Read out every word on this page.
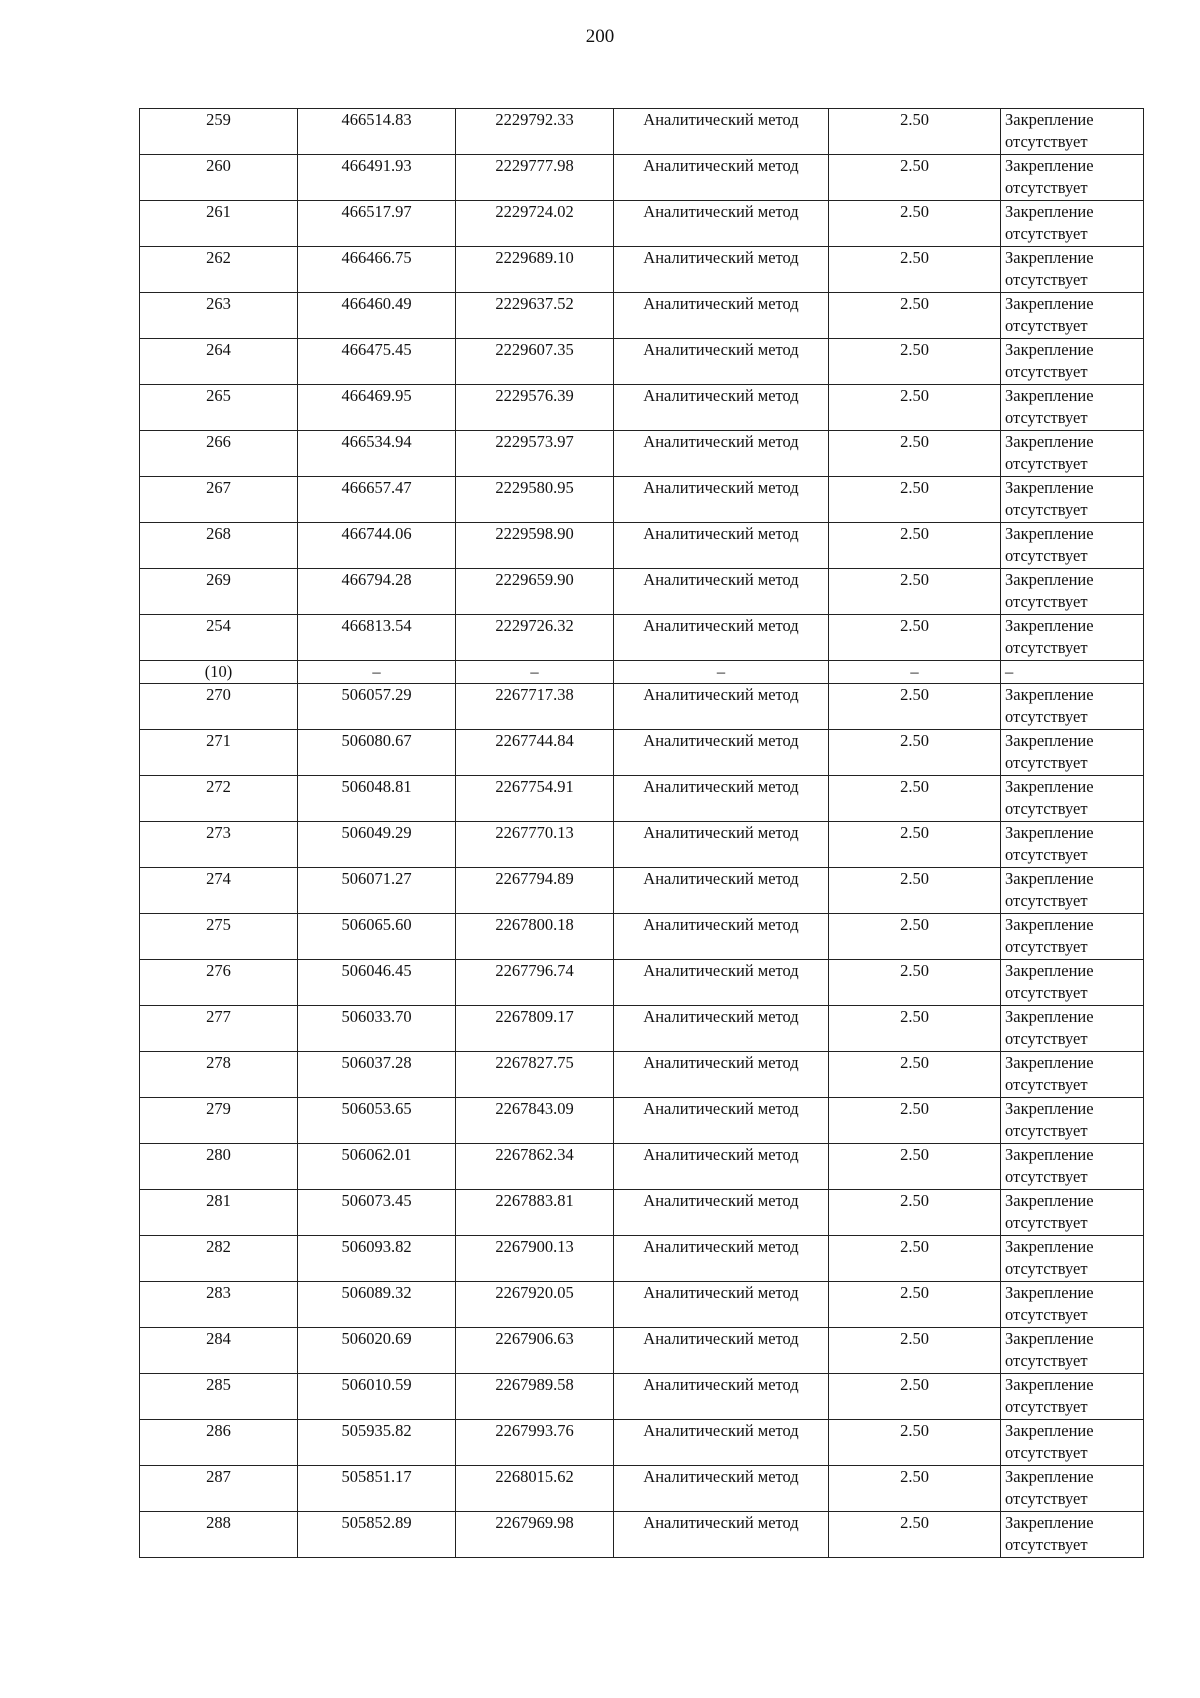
200
259	466514.83	2229792.33	Аналитический метод	2.50	Закрепление отсутствует
260	466491.93	2229777.98	Аналитический метод	2.50	Закрепление отсутствует
261	466517.97	2229724.02	Аналитический метод	2.50	Закрепление отсутствует
262	466466.75	2229689.10	Аналитический метод	2.50	Закрепление отсутствует
263	466460.49	2229637.52	Аналитический метод	2.50	Закрепление отсутствует
264	466475.45	2229607.35	Аналитический метод	2.50	Закрепление отсутствует
265	466469.95	2229576.39	Аналитический метод	2.50	Закрепление отсутствует
266	466534.94	2229573.97	Аналитический метод	2.50	Закрепление отсутствует
267	466657.47	2229580.95	Аналитический метод	2.50	Закрепление отсутствует
268	466744.06	2229598.90	Аналитический метод	2.50	Закрепление отсутствует
269	466794.28	2229659.90	Аналитический метод	2.50	Закрепление отсутствует
254	466813.54	2229726.32	Аналитический метод	2.50	Закрепление отсутствует
(10)	–	–	–	–	–
270	506057.29	2267717.38	Аналитический метод	2.50	Закрепление отсутствует
271	506080.67	2267744.84	Аналитический метод	2.50	Закрепление отсутствует
272	506048.81	2267754.91	Аналитический метод	2.50	Закрепление отсутствует
273	506049.29	2267770.13	Аналитический метод	2.50	Закрепление отсутствует
274	506071.27	2267794.89	Аналитический метод	2.50	Закрепление отсутствует
275	506065.60	2267800.18	Аналитический метод	2.50	Закрепление отсутствует
276	506046.45	2267796.74	Аналитический метод	2.50	Закрепление отсутствует
277	506033.70	2267809.17	Аналитический метод	2.50	Закрепление отсутствует
278	506037.28	2267827.75	Аналитический метод	2.50	Закрепление отсутствует
279	506053.65	2267843.09	Аналитический метод	2.50	Закрепление отсутствует
280	506062.01	2267862.34	Аналитический метод	2.50	Закрепление отсутствует
281	506073.45	2267883.81	Аналитический метод	2.50	Закрепление отсутствует
282	506093.82	2267900.13	Аналитический метод	2.50	Закрепление отсутствует
283	506089.32	2267920.05	Аналитический метод	2.50	Закрепление отсутствует
284	506020.69	2267906.63	Аналитический метод	2.50	Закрепление отсутствует
285	506010.59	2267989.58	Аналитический метод	2.50	Закрепление отсутствует
286	505935.82	2267993.76	Аналитический метод	2.50	Закрепление отсутствует
287	505851.17	2268015.62	Аналитический метод	2.50	Закрепление отсутствует
288	505852.89	2267969.98	Аналитический метод	2.50	Закрепление отсутствует
